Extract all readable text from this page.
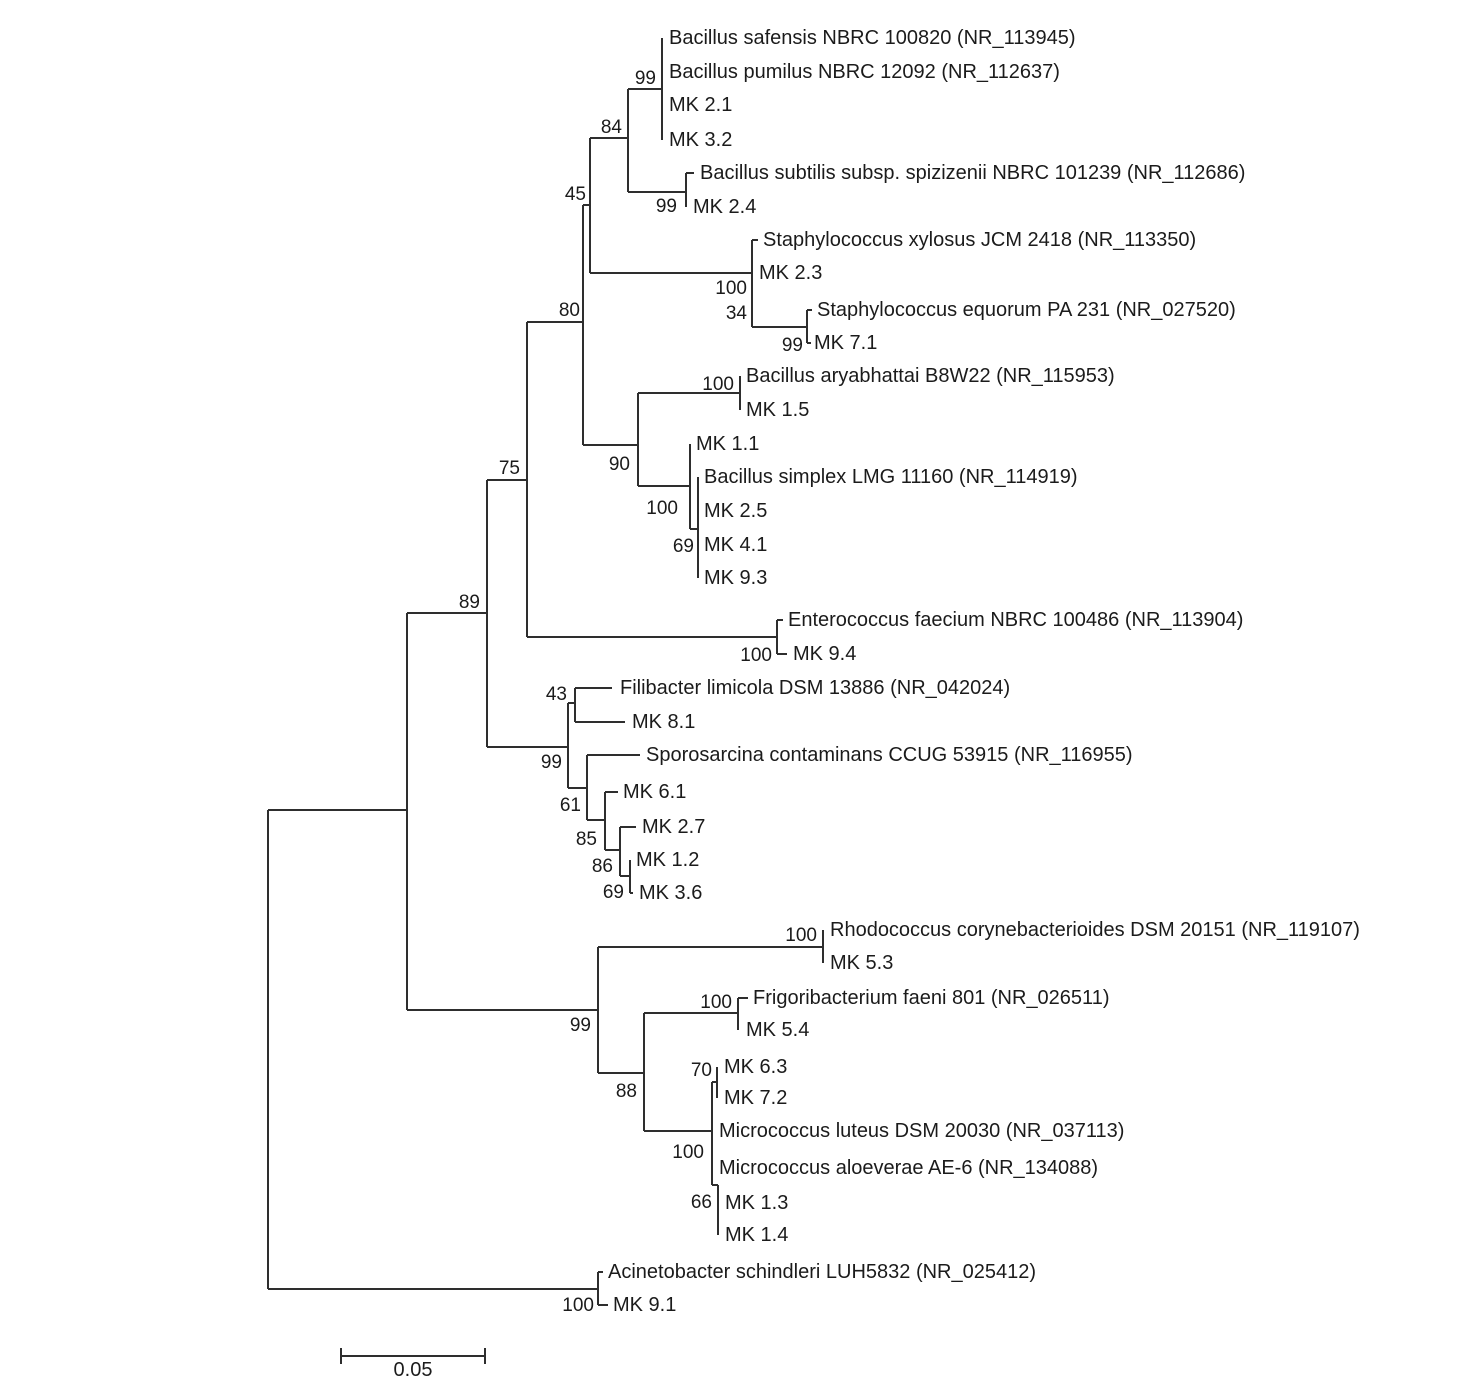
Bacillus safensis NBRC 100820 (NR_113945)
Bacillus pumilus NBRC 12092 (NR_112637)
MK 2.1
MK 3.2
Bacillus subtilis subsp. spizizenii NBRC 101239 (NR_112686)
MK 2.4
Staphylococcus xylosus JCM 2418 (NR_113350)
MK 2.3
Staphylococcus equorum PA 231 (NR_027520)
MK 7.1
Bacillus aryabhattai B8W22 (NR_115953)
MK 1.5
MK 1.1
Bacillus simplex LMG 11160 (NR_114919)
MK 2.5
MK 4.1
MK 9.3
Enterococcus faecium NBRC 100486 (NR_113904)
MK 9.4
Filibacter limicola DSM 13886 (NR_042024)
MK 8.1
Sporosarcina contaminans CCUG 53915 (NR_116955)
MK 6.1
MK 2.7
MK 1.2
MK 3.6
Rhodococcus corynebacterioides DSM 20151 (NR_119107)
MK 5.3
Frigoribacterium faeni 801 (NR_026511)
MK 5.4
MK 6.3
MK 7.2
Micrococcus luteus DSM 20030 (NR_037113)
Micrococcus aloeverae AE-6 (NR_134088)
MK 1.3
MK 1.4
Acinetobacter schindleri LUH5832 (NR_025412)
MK 9.1
99
84
45
99
100
34
99
80
100
90
100
69
75
89
100
99
43
61
85
86
69
99
100
88
100
70
100
66
100
0.05
